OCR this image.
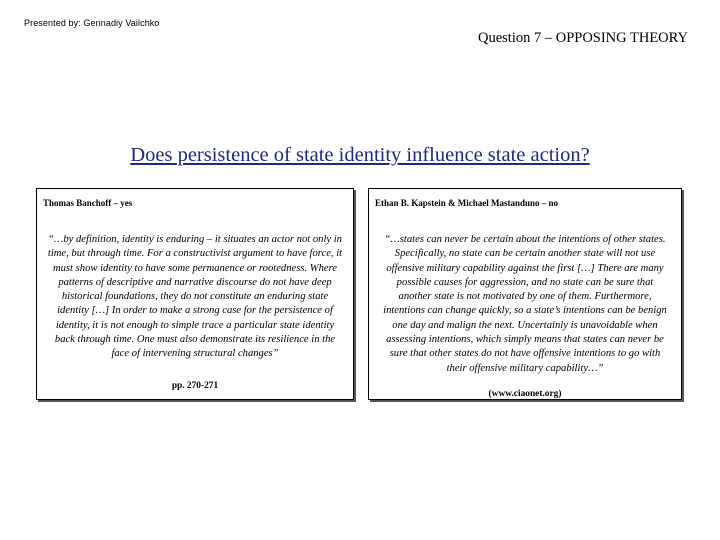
Presented by: Gennadiy Vailchko
Question 7 – OPPOSING THEORY
Does persistence of state identity influence state action?
Thomas Banchoff – yes
“…by definition, identity is enduring – it situates an actor not only in time, but through time. For a constructivist argument to have force, it must show identity to have some permanence or rootedness. Where patterns of descriptive and narrative discourse do not have deep historical foundations, they do not constitute an enduring state identity […] In order to make a strong case for the persistence of identity, it is not enough to simple trace a particular state identity back through time. One must also demonstrate its resilience in the face of intervening structural changes”
pp. 270-271
Ethan B. Kapstein & Michael Mastanduno – no
“…states can never be certain about the intentions of other states. Specifically, no state can be certain another state will not use offensive military capability against the first […] There are many possible causes for aggression, and no state can be sure that another state is not motivated by one of them. Furthermore, intentions can change quickly, so a state’s intentions can be benign one day and malign the next. Uncertainly is unavoidable when assessing intentions, which simply means that states can never be sure that other states do not have offensive intentions to go with their offensive military capability…”
(www.ciaonet.org)
